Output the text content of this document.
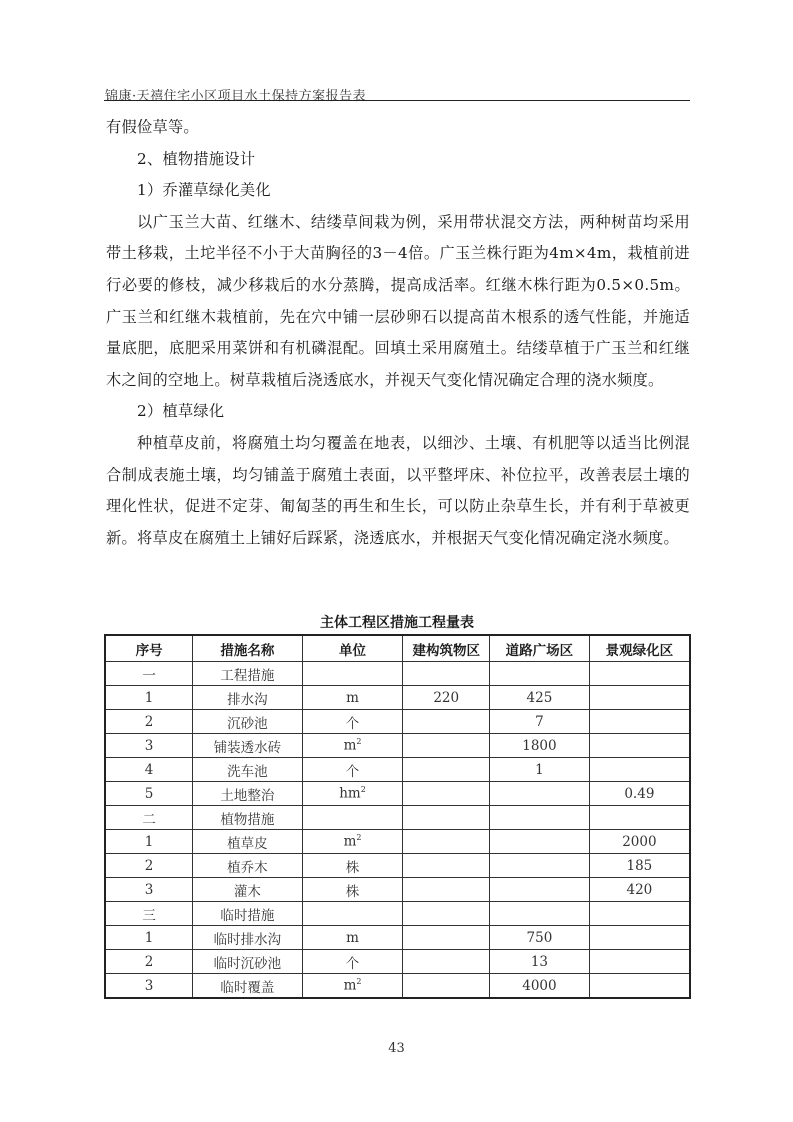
锦康·天禧住宅小区项目水土保持方案报告表

有假俭草等。

2、植物措施设计

1）乔灌草绿化美化

以广玉兰大苗、红继木、结缕草间栽为例，采用带状混交方法，两种树苗均采用带土移栽，土坨半径不小于大苗胸径的3－4倍。广玉兰株行距为4m×4m，栽植前进行必要的修枝，减少移栽后的水分蒸腾，提高成活率。红继木株行距为0.5×0.5m。广玉兰和红继木栽植前，先在穴中铺一层砂卵石以提高苗木根系的透气性能，并施适量底肥，底肥采用菜饼和有机磷混配。回填土采用腐殖土。结缕草植于广玉兰和红继木之间的空地上。树草栽植后浇透底水，并视天气变化情况确定合理的浇水频度。

2）植草绿化

种植草皮前，将腐殖土均匀覆盖在地表，以细沙、土壤、有机肥等以适当比例混合制成表施土壤，均匀铺盖于腐殖土表面，以平整坪床、补位拉平，改善表层土壤的理化性状，促进不定芽、匍匐茎的再生和生长，可以防止杂草生长，并有利于草被更新。将草皮在腐殖土上铺好后踩紧，浇透底水，并根据天气变化情况确定浇水频度。

主体工程区措施工程量表
序号	措施名称	单位	建构筑物区	道路广场区	景观绿化区
一	工程措施				
1	排水沟	m	220	425	
2	沉砂池	个		7	
3	铺装透水砖	$m^2$		1800	
4	洗车池	个		1	
5	土地整治	$hm^2$			0.49
二	植物措施				
1	植草皮	$m^2$			2000
2	植乔木	株			185
3	灌木	株			420
三	临时措施				
1	临时排水沟	m		750	
2	临时沉砂池	个		13	
3	临时覆盖	$m^2$		4000	
43
